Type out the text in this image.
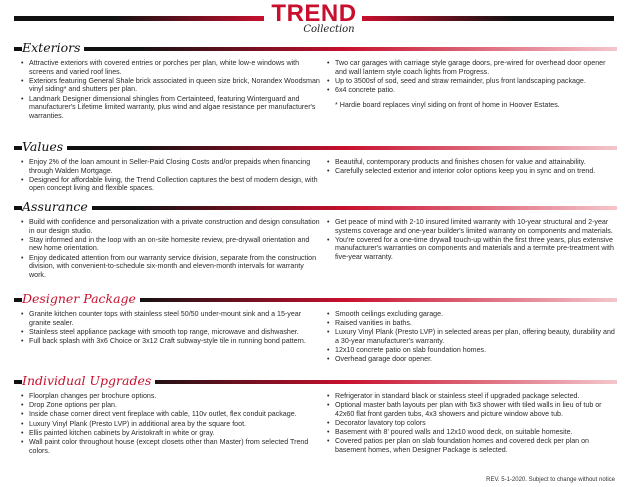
TREND
Collection
Exteriors
• Attractive exteriors with covered entries or porches per plan, white low-e windows with screens and varied roof lines.
• Exteriors featuring General Shale brick associated in queen size brick, Norandex Woodsman vinyl siding* and shutters per plan.
• Landmark Designer dimensional shingles from Certainteed, featuring Winterguard and manufacturer's Lifetime limited warranty, plus wind and algae resistance per manufacturer's warranties.
• Two car garages with carriage style garage doors, pre-wired for overhead door opener and wall lantern style coach lights from Progress.
• Up to 3500sf of sod, seed and straw remainder, plus front landscaping package.
• 6x4 concrete patio.
* Hardie board replaces vinyl siding on front of home in Hoover Estates.
Values
• Enjoy 2% of the loan amount in Seller-Paid Closing Costs and/or prepaids when financing through Walden Mortgage.
• Designed for affordable living, the Trend Collection captures the best of modern design, with open concept living and flexible spaces.
• Beautiful, contemporary products and finishes chosen for value and attainability.
• Carefully selected exterior and interior color options keep you in sync and on trend.
Assurance
• Build with confidence and personalization with a private construction and design consultation in our design studio.
• Stay informed and in the loop with an on-site homesite review, pre-drywall orientation and new home orientation.
• Enjoy dedicated attention from our warranty service division, separate from the construction division, with convenient-to-schedule six-month and eleven-month intervals for warranty work.
• Get peace of mind with 2-10 insured limited warranty with 10-year structural and 2-year systems coverage and one-year builder's limited warranty on components and materials.
• You're covered for a one-time drywall touch-up within the first three years, plus extensive manufacturer's warranties on components and materials and a termite pre-treatment with five-year warranty.
Designer Package
• Granite kitchen counter tops with stainless steel 50/50 under-mount sink and a 15-year granite sealer.
• Stainless steel appliance package with smooth top range, microwave and dishwasher.
• Full back splash with 3x6 Choice or 3x12 Craft subway-style tile in running bond pattern.
• Smooth ceilings excluding garage.
• Raised vanities in baths.
• Luxury Vinyl Plank (Presto LVP) in selected areas per plan, offering beauty, durability and a 30-year manufacturer's warranty.
• 12x10 concrete patio on slab foundation homes.
• Overhead garage door opener.
Individual Upgrades
• Floorplan changes per brochure options.
• Drop Zone options per plan.
• Inside chase corner direct vent fireplace with cable, 110v outlet, flex conduit package.
• Luxury Vinyl Plank (Presto LVP) in additional area by the square foot.
• Ellis painted kitchen cabinets by Aristokraft in white or gray.
• Wall paint color throughout house (except closets other than Master) from selected Trend colors.
• Refrigerator in standard black or stainless steel if upgraded package selected.
• Optional master bath layouts per plan with 5x3 shower with tiled walls in lieu of tub or 42x60 flat front garden tubs, 4x3 showers and picture window above tub.
• Decorator lavatory top colors
• Basement with 8' poured walls and 12x10 wood deck, on suitable homesite.
• Covered patios per plan on slab foundation homes and covered deck per plan on basement homes, when Designer Package is selected.
REV. 5-1-2020. Subject to change without notice
